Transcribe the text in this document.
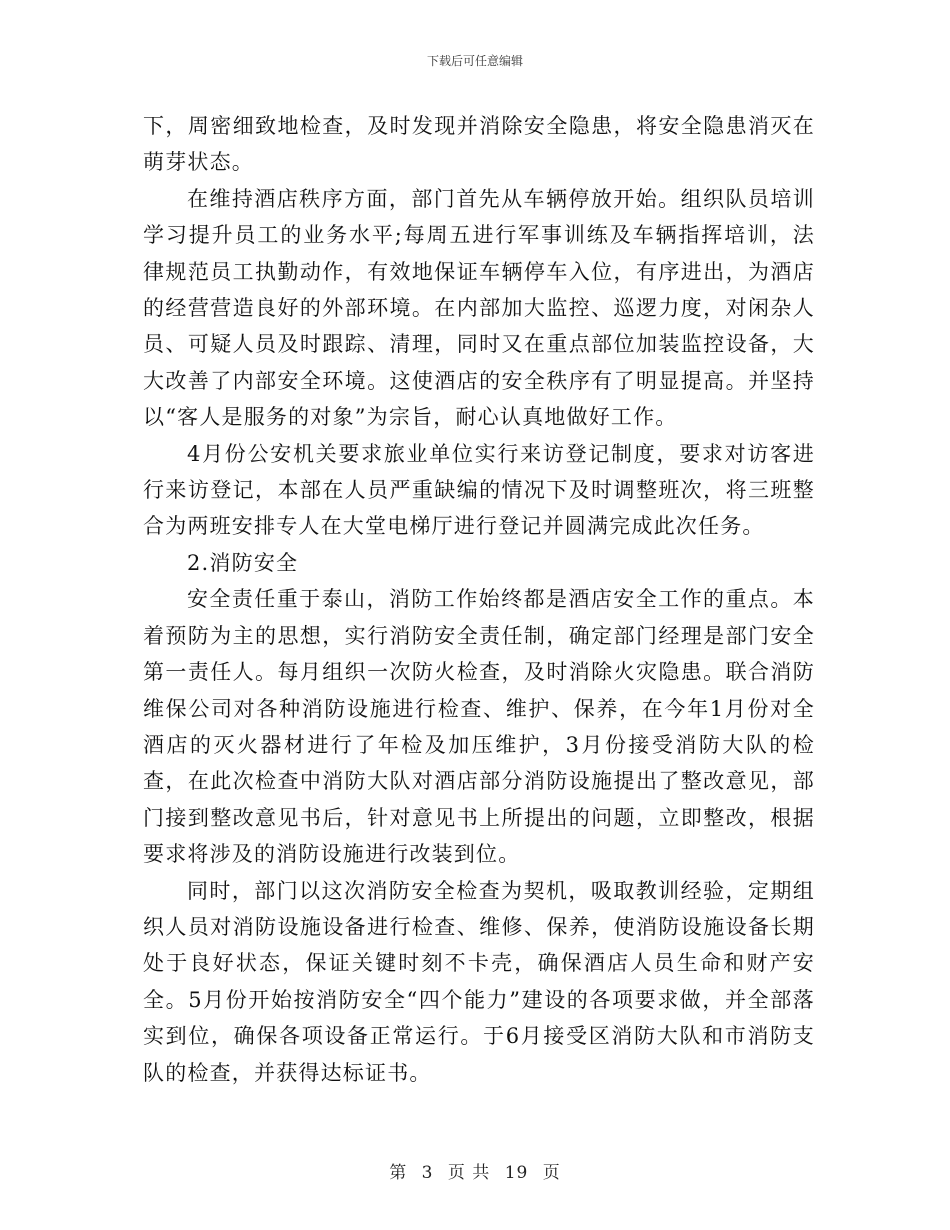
下载后可任意编辑

下，周密细致地检查，及时发现并消除安全隐患，将安全隐患消灭在萌芽状态。

在维持酒店秩序方面，部门首先从车辆停放开始。组织队员培训学习提升员工的业务水平;每周五进行军事训练及车辆指挥培训，法律规范员工执勤动作，有效地保证车辆停车入位，有序进出，为酒店的经营营造良好的外部环境。在内部加大监控、巡逻力度，对闲杂人员、可疑人员及时跟踪、清理，同时又在重点部位加装监控设备，大大改善了内部安全环境。这使酒店的安全秩序有了明显提高。并坚持以“客人是服务的对象”为宗旨，耐心认真地做好工作。

4月份公安机关要求旅业单位实行来访登记制度，要求对访客进行来访登记，本部在人员严重缺编的情况下及时调整班次，将三班整合为两班安排专人在大堂电梯厅进行登记并圆满完成此次任务。

2.消防安全

安全责任重于泰山，消防工作始终都是酒店安全工作的重点。本着预防为主的思想，实行消防安全责任制，确定部门经理是部门安全第一责任人。每月组织一次防火检查，及时消除火灾隐患。联合消防维保公司对各种消防设施进行检查、维护、保养，在今年1月份对全酒店的灭火器材进行了年检及加压维护，3月份接受消防大队的检查，在此次检查中消防大队对酒店部分消防设施提出了整改意见，部门接到整改意见书后，针对意见书上所提出的问题，立即整改，根据要求将涉及的消防设施进行改装到位。

同时，部门以这次消防安全检查为契机，吸取教训经验，定期组织人员对消防设施设备进行检查、维修、保养，使消防设施设备长期处于良好状态，保证关键时刻不卡壳，确保酒店人员生命和财产安全。5月份开始按消防安全“四个能力”建设的各项要求做，并全部落实到位，确保各项设备正常运行。于6月接受区消防大队和市消防支队的检查，并获得达标证书。

第 3 页 共 19 页
